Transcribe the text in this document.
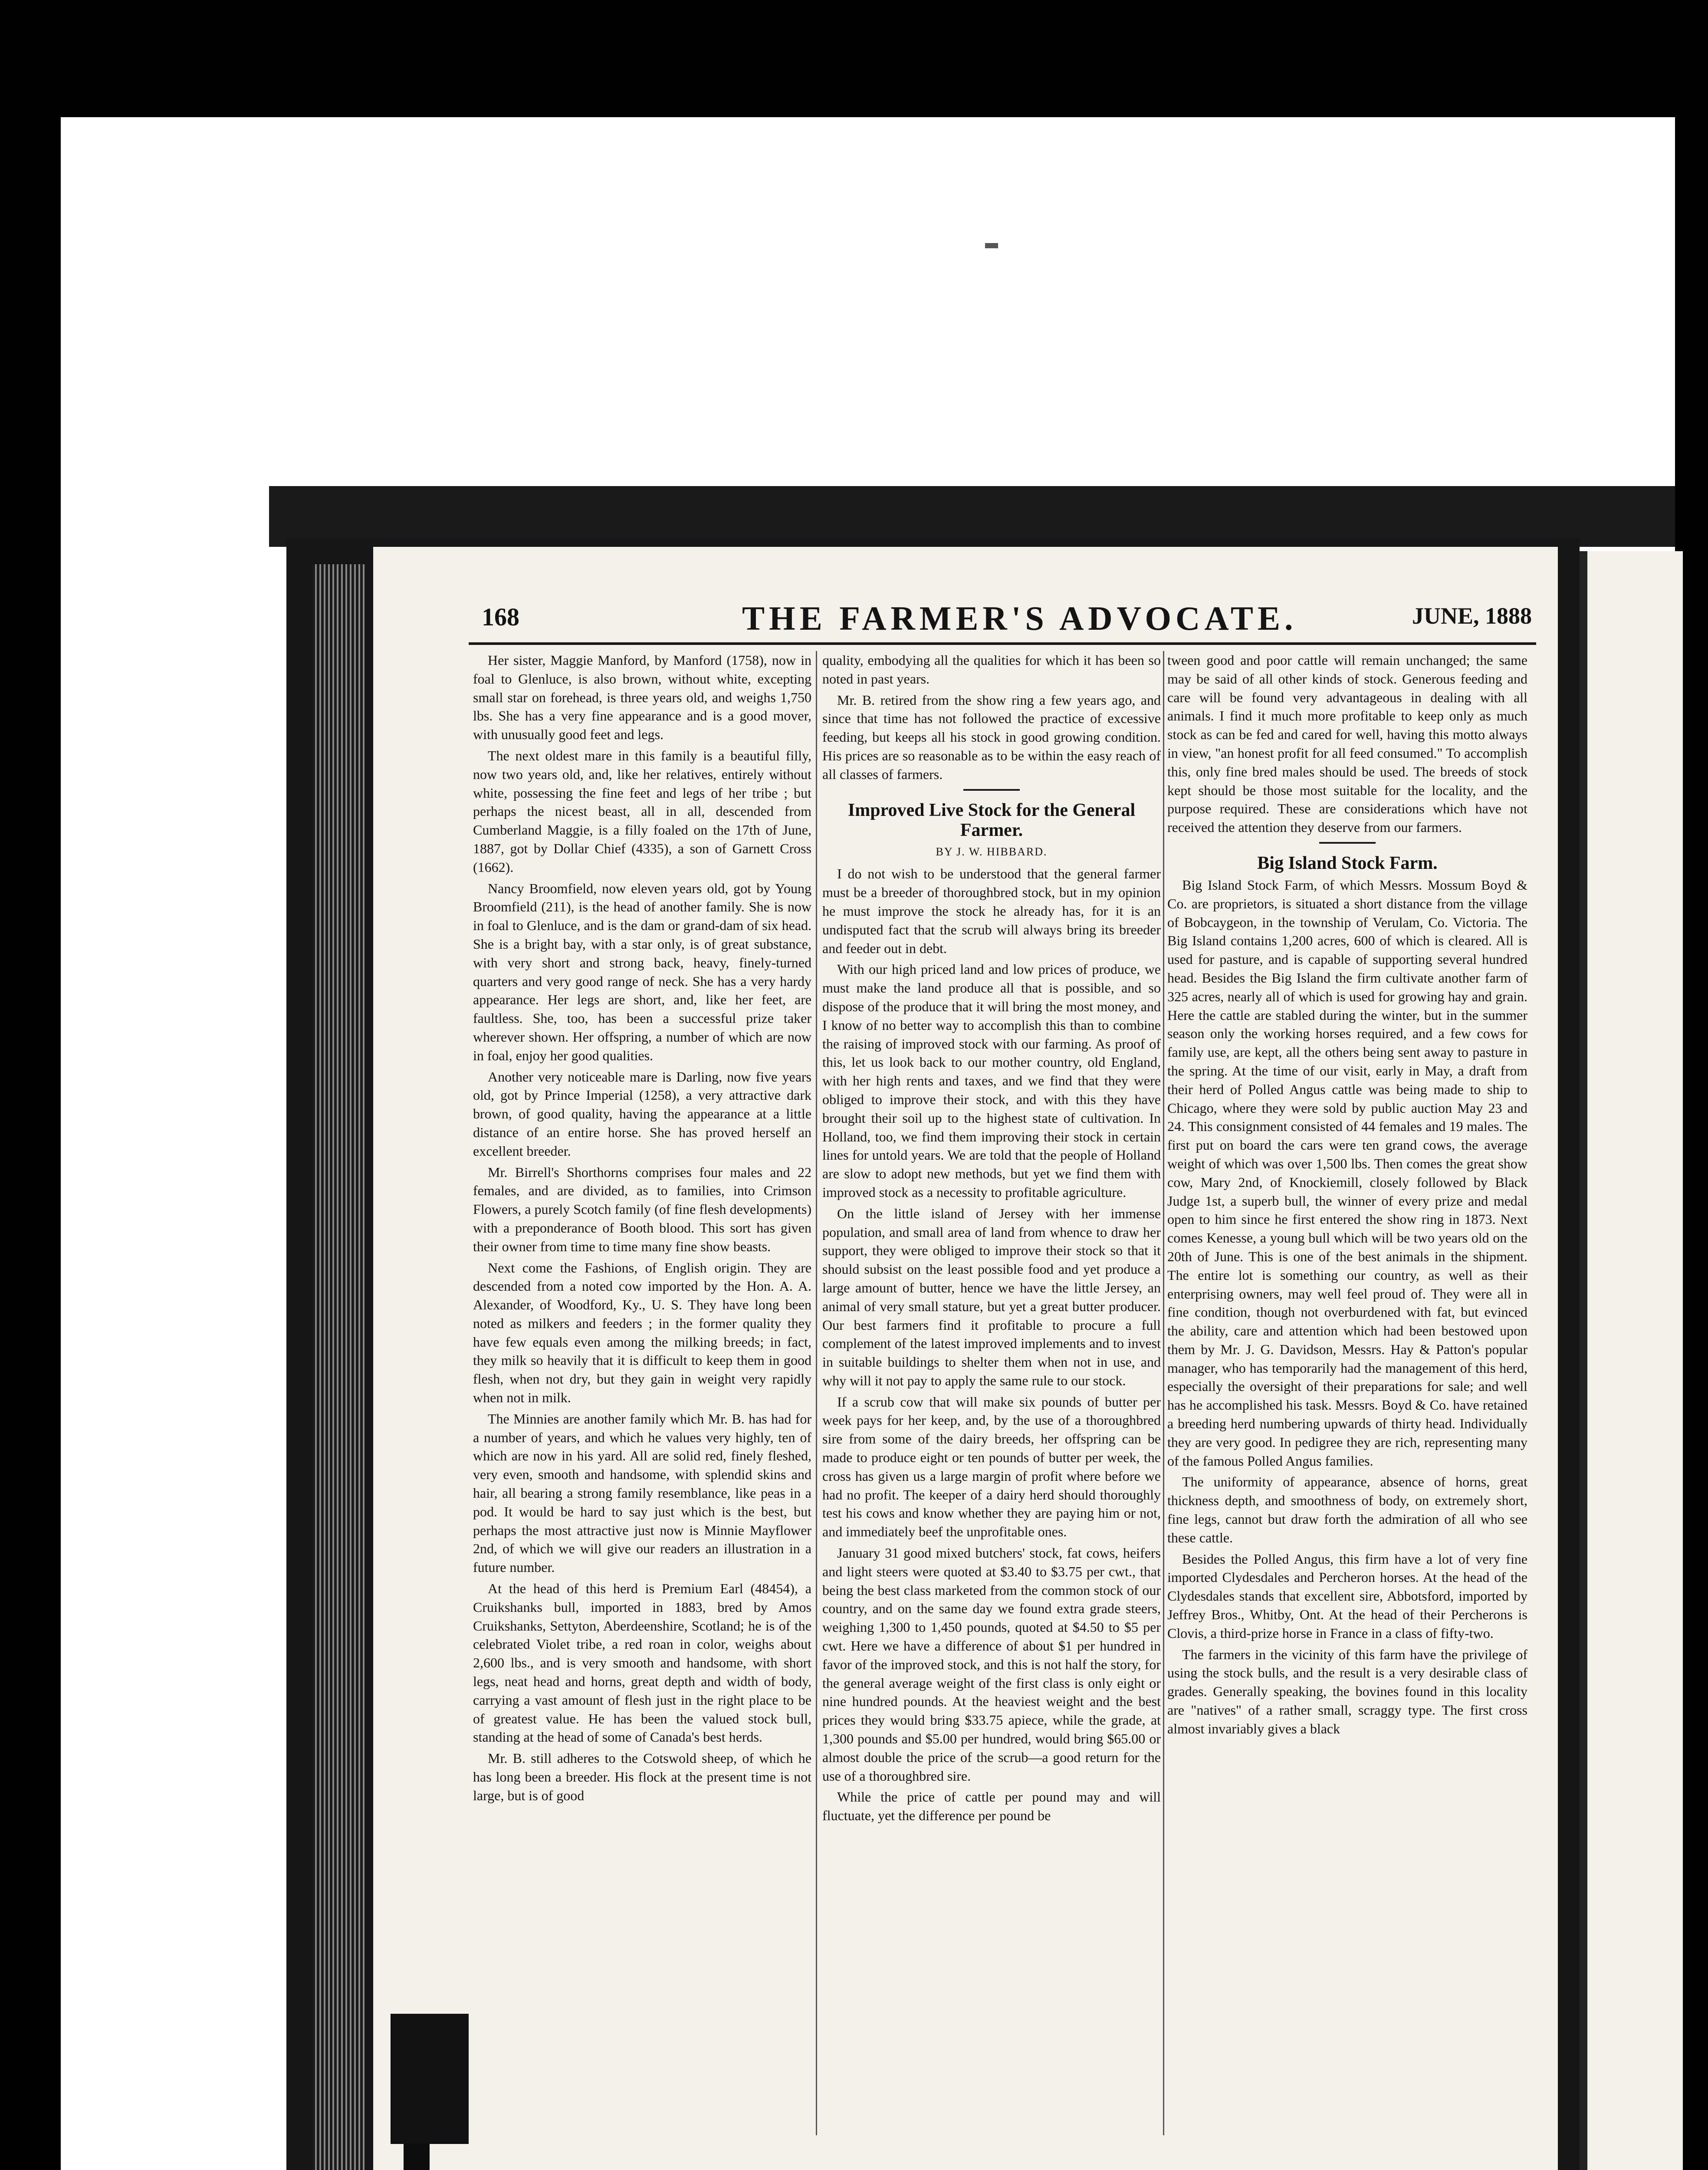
168	THE FARMER'S ADVOCATE.	JUNE, 1888

Her sister, Maggie Manford, by Manford (1758), now in foal to Glenluce, is also brown, without white, excepting small star on forehead, is three years old, and weighs 1,750 lbs. She has a very fine appearance and is a good mover, with unusually good feet and legs.

The next oldest mare in this family is a beautiful filly, now two years old, and, like her relatives, entirely without white, possessing the fine feet and legs of her tribe ; but perhaps the nicest beast, all in all, descended from Cumberland Maggie, is a filly foaled on the 17th of June, 1887, got by Dollar Chief (4335), a son of Garnett Cross (1662).

Nancy Broomfield, now eleven years old, got by Young Broomfield (211), is the head of another family. She is now in foal to Glenluce, and is the dam or grand-dam of six head. She is a bright bay, with a star only, is of great substance, with very short and strong back, heavy, finely-turned quarters and very good range of neck. She has a very hardy appearance. Her legs are short, and, like her feet, are faultless. She, too, has been a successful prize taker wherever shown. Her offspring, a number of which are now in foal, enjoy her good qualities.

Another very noticeable mare is Darling, now five years old, got by Prince Imperial (1258), a very attractive dark brown, of good quality, having the appearance at a little distance of an entire horse. She has proved herself an excellent breeder.

Mr. Birrell's Shorthorns comprises four males and 22 females, and are divided, as to families, into Crimson Flowers, a purely Scotch family (of fine flesh developments) with a preponderance of Booth blood. This sort has given their owner from time to time many fine show beasts.

Next come the Fashions, of English origin. They are descended from a noted cow imported by the Hon. A. A. Alexander, of Woodford, Ky., U. S. They have long been noted as milkers and feeders ; in the former quality they have few equals even among the milking breeds; in fact, they milk so heavily that it is difficult to keep them in good flesh, when not dry, but they gain in weight very rapidly when not in milk.

The Minnies are another family which Mr. B. has had for a number of years, and which he values very highly, ten of which are now in his yard. All are solid red, finely fleshed, very even, smooth and handsome, with splendid skins and hair, all bearing a strong family resemblance, like peas in a pod. It would be hard to say just which is the best, but perhaps the most attractive just now is Minnie Mayflower 2nd, of which we will give our readers an illustration in a future number.

At the head of this herd is Premium Earl (48454), a Cruikshanks bull, imported in 1883, bred by Amos Cruikshanks, Settyton, Aberdeenshire, Scotland; he is of the celebrated Violet tribe, a red roan in color, weighs about 2,600 lbs., and is very smooth and handsome, with short legs, neat head and horns, great depth and width of body, carrying a vast amount of flesh just in the right place to be of greatest value. He has been the valued stock bull, standing at the head of some of Canada's best herds.

Mr. B. still adheres to the Cotswold sheep, of which he has long been a breeder. His flock at the present time is not large, but is of good

quality, embodying all the qualities for which it has been so noted in past years.

Mr. B. retired from the show ring a few years ago, and since that time has not followed the practice of excessive feeding, but keeps all his stock in good growing condition. His prices are so reasonable as to be within the easy reach of all classes of farmers.

Improved Live Stock for the General Farmer.
BY J. W. HIBBARD.

I do not wish to be understood that the general farmer must be a breeder of thoroughbred stock, but in my opinion he must improve the stock he already has, for it is an undisputed fact that the scrub will always bring its breeder and feeder out in debt.

With our high priced land and low prices of produce, we must make the land produce all that is possible, and so dispose of the produce that it will bring the most money, and I know of no better way to accomplish this than to combine the raising of improved stock with our farming. As proof of this, let us look back to our mother country, old England, with her high rents and taxes, and we find that they were obliged to improve their stock, and with this they have brought their soil up to the highest state of cultivation. In Holland, too, we find them improving their stock in certain lines for untold years. We are told that the people of Holland are slow to adopt new methods, but yet we find them with improved stock as a necessity to profitable agriculture.

On the little island of Jersey with her immense population, and small area of land from whence to draw her support, they were obliged to improve their stock so that it should subsist on the least possible food and yet produce a large amount of butter, hence we have the little Jersey, an animal of very small stature, but yet a great butter producer. Our best farmers find it profitable to procure a full complement of the latest improved implements and to invest in suitable buildings to shelter them when not in use, and why will it not pay to apply the same rule to our stock.

If a scrub cow that will make six pounds of butter per week pays for her keep, and, by the use of a thoroughbred sire from some of the dairy breeds, her offspring can be made to produce eight or ten pounds of butter per week, the cross has given us a large margin of profit where before we had no profit. The keeper of a dairy herd should thoroughly test his cows and know whether they are paying him or not, and immediately beef the unprofitable ones.

January 31 good mixed butchers' stock, fat cows, heifers and light steers were quoted at $3.40 to $3.75 per cwt., that being the best class marketed from the common stock of our country, and on the same day we found extra grade steers, weighing 1,300 to 1,450 pounds, quoted at $4.50 to $5 per cwt. Here we have a difference of about $1 per hundred in favor of the improved stock, and this is not half the story, for the general average weight of the first class is only eight or nine hundred pounds. At the heaviest weight and the best prices they would bring $33.75 apiece, while the grade, at 1,300 pounds and $5.00 per hundred, would bring $65.00 or almost double the price of the scrub—a good return for the use of a thoroughbred sire.

While the price of cattle per pound may and will fluctuate, yet the difference per pound be

tween good and poor cattle will remain unchanged; the same may be said of all other kinds of stock. Generous feeding and care will be found very advantageous in dealing with all animals. I find it much more profitable to keep only as much stock as can be fed and cared for well, having this motto always in view, "an honest profit for all feed consumed." To accomplish this, only fine bred males should be used. The breeds of stock kept should be those most suitable for the locality, and the purpose required. These are considerations which have not received the attention they deserve from our farmers.

Big Island Stock Farm.

Big Island Stock Farm, of which Messrs. Mossum Boyd & Co. are proprietors, is situated a short distance from the village of Bobcaygeon, in the township of Verulam, Co. Victoria. The Big Island contains 1,200 acres, 600 of which is cleared. All is used for pasture, and is capable of supporting several hundred head. Besides the Big Island the firm cultivate another farm of 325 acres, nearly all of which is used for growing hay and grain. Here the cattle are stabled during the winter, but in the summer season only the working horses required, and a few cows for family use, are kept, all the others being sent away to pasture in the spring. At the time of our visit, early in May, a draft from their herd of Polled Angus cattle was being made to ship to Chicago, where they were sold by public auction May 23 and 24. This consignment consisted of 44 females and 19 males. The first put on board the cars were ten grand cows, the average weight of which was over 1,500 lbs. Then comes the great show cow, Mary 2nd, of Knockiemill, closely followed by Black Judge 1st, a superb bull, the winner of every prize and medal open to him since he first entered the show ring in 1873. Next comes Kenesse, a young bull which will be two years old on the 20th of June. This is one of the best animals in the shipment. The entire lot is something our country, as well as their enterprising owners, may well feel proud of. They were all in fine condition, though not overburdened with fat, but evinced the ability, care and attention which had been bestowed upon them by Mr. J. G. Davidson, Messrs. Hay & Patton's popular manager, who has temporarily had the management of this herd, especially the oversight of their preparations for sale; and well has he accomplished his task. Messrs. Boyd & Co. have retained a breeding herd numbering upwards of thirty head. Individually they are very good. In pedigree they are rich, representing many of the famous Polled Angus families.

The uniformity of appearance, absence of horns, great thickness depth, and smoothness of body, on extremely short, fine legs, cannot but draw forth the admiration of all who see these cattle.

Besides the Polled Angus, this firm have a lot of very fine imported Clydesdales and Percheron horses. At the head of the Clydesdales stands that excellent sire, Abbotsford, imported by Jeffrey Bros., Whitby, Ont. At the head of their Percherons is Clovis, a third-prize horse in France in a class of fifty-two.

The farmers in the vicinity of this farm have the privilege of using the stock bulls, and the result is a very desirable class of grades. Generally speaking, the bovines found in this locality are "natives" of a rather small, scraggy type. The first cross almost invariably gives a black
